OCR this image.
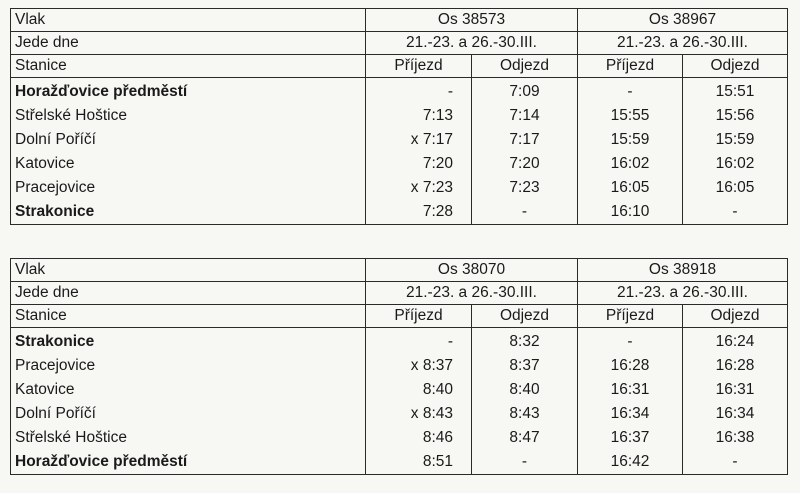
Vlak	Os 38573		Os 38967	
Jede dne	21.-23. a 26.-30.III.		21.-23. a 26.-30.III.	
Stanice	Příjezd	Odjezd	Příjezd	Odjezd
Horažďovice předměstí	-	7:09	-	15:51
Střelské Hoštice	7:13	7:14	15:55	15:56
Dolní Poříčí	x 7:17	7:17	15:59	15:59
Katovice	7:20	7:20	16:02	16:02
Pracejovice	x 7:23	7:23	16:05	16:05
Strakonice	7:28	-	16:10	-
Vlak	Os 38070		Os 38918	
Jede dne	21.-23. a 26.-30.III.		21.-23. a 26.-30.III.	
Stanice	Příjezd	Odjezd	Příjezd	Odjezd
Strakonice	-	8:32	-	16:24
Pracejovice	x 8:37	8:37	16:28	16:28
Katovice	8:40	8:40	16:31	16:31
Dolní Poříčí	x 8:43	8:43	16:34	16:34
Střelské Hoštice	8:46	8:47	16:37	16:38
Horažďovice předměstí	8:51	-	16:42	-
